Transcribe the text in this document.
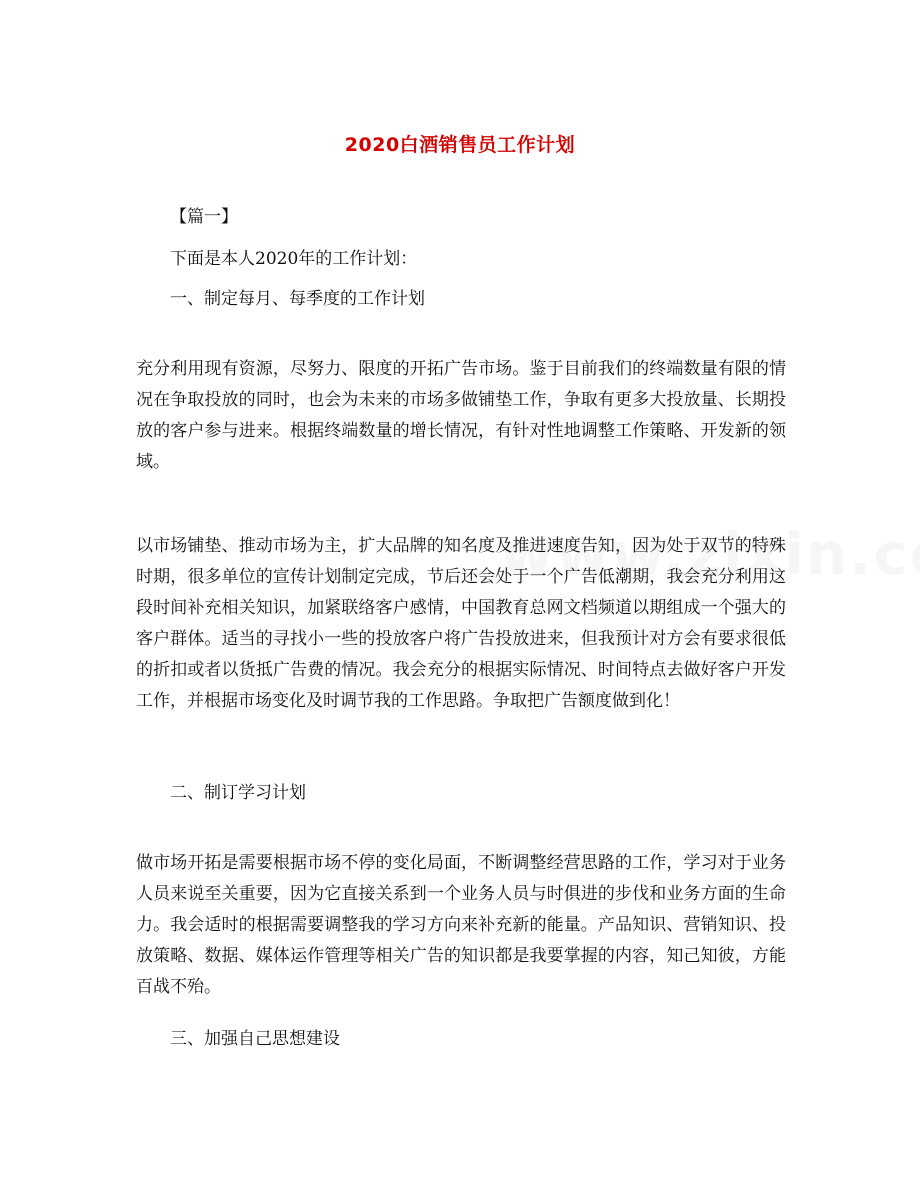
2020白酒销售员工作计划
【篇一】
下面是本人2020年的工作计划：
一、制定每月、每季度的工作计划
充分利用现有资源，尽努力、限度的开拓广告市场。鉴于目前我们的终端数量有限的情况在争取投放的同时，也会为未来的市场多做铺垫工作，争取有更多大投放量、长期投放的客户参与进来。根据终端数量的增长情况，有针对性地调整工作策略、开发新的领域。
以市场铺垫、推动市场为主，扩大品牌的知名度及推进速度告知，因为处于双节的特殊时期，很多单位的宣传计划制定完成，节后还会处于一个广告低潮期，我会充分利用这段时间补充相关知识，加紧联络客户感情，中国教育总网文档频道以期组成一个强大的客户群体。适当的寻找小一些的投放客户将广告投放进来，但我预计对方会有要求很低的折扣或者以货抵广告费的情况。我会充分的根据实际情况、时间特点去做好客户开发工作，并根据市场变化及时调节我的工作思路。争取把广告额度做到化！
二、制订学习计划
做市场开拓是需要根据市场不停的变化局面，不断调整经营思路的工作，学习对于业务人员来说至关重要，因为它直接关系到一个业务人员与时俱进的步伐和业务方面的生命力。我会适时的根据需要调整我的学习方向来补充新的能量。产品知识、营销知识、投放策略、数据、媒体运作管理等相关广告的知识都是我要掌握的内容，知己知彼，方能百战不殆。
三、加强自己思想建设
